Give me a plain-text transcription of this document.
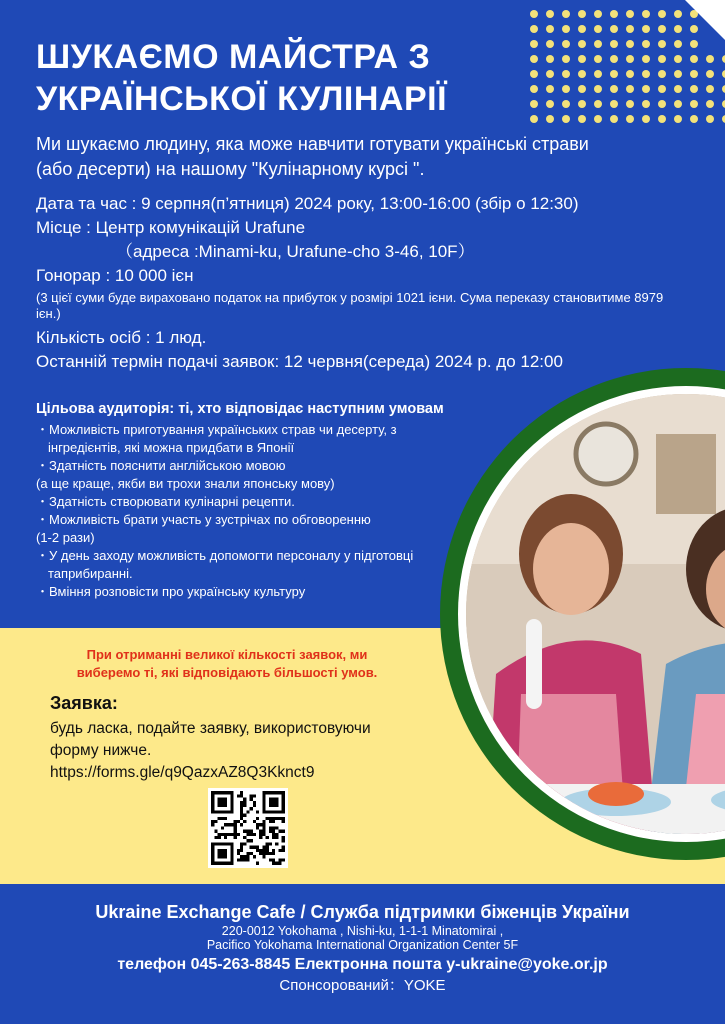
ШУКАЄМО МАЙСТРА З
УКРАЇНСЬКОЇ КУЛІНАРІЇ
Ми шукаємо людину, яка може навчити готувати українські страви
(або десерти) на нашому "Кулінарному курсі ".
Дата та час : 9 серпня(п’ятниця) 2024 року, 13:00-16:00 (збір о 12:30)
Місце : Центр комунікацій Urafune
（адреса :Minami-ku, Urafune-cho 3-46, 10F）
Гонорар : 10 000 ієн
(3 цієї суми буде вираховано податок на прибуток у розмірі 1021 ієни. Сума переказу становитиме 8979 ієн.)
Кількість осіб : 1 люд.
Останній термін подачі заявок: 12 червня(середа) 2024 р. до 12:00
Цільова аудиторія: ті, хто відповідає наступним умовам
・Можливість приготування українських страв чи десерту, з інгредієнтів, які можна придбати в Японії
・Здатність пояснити англійською мовою
(а ще краще, якби ви трохи знали японську мову)
・Здатність створювати кулінарні рецепти.
・Можливість брати участь у зустрічах по обговоренню
(1-2 рази)
・У день заходу можливість допомогти персоналу у підготовці таприбиранні.
・Вміння розповісти про українську культуру
При отриманні великої кількості заявок, ми виберемо ті, які відповідають більшості умов.
Заявка:
будь ласка, подайте заявку, використовуючи
форму нижче.
https://forms.gle/q9QazxAZ8Q3Kknct9
Ukraine Exchange Cafe / Служба підтримки біженців України
220-0012 Yokohama , Nishi-ku, 1-1-1 Minatomirai ,
Pacifico Yokohama International Organization Center 5F
телефон 045-263-8845 Електронна пошта y-ukraine@yoke.or.jp
Спонсорований：YOKE
